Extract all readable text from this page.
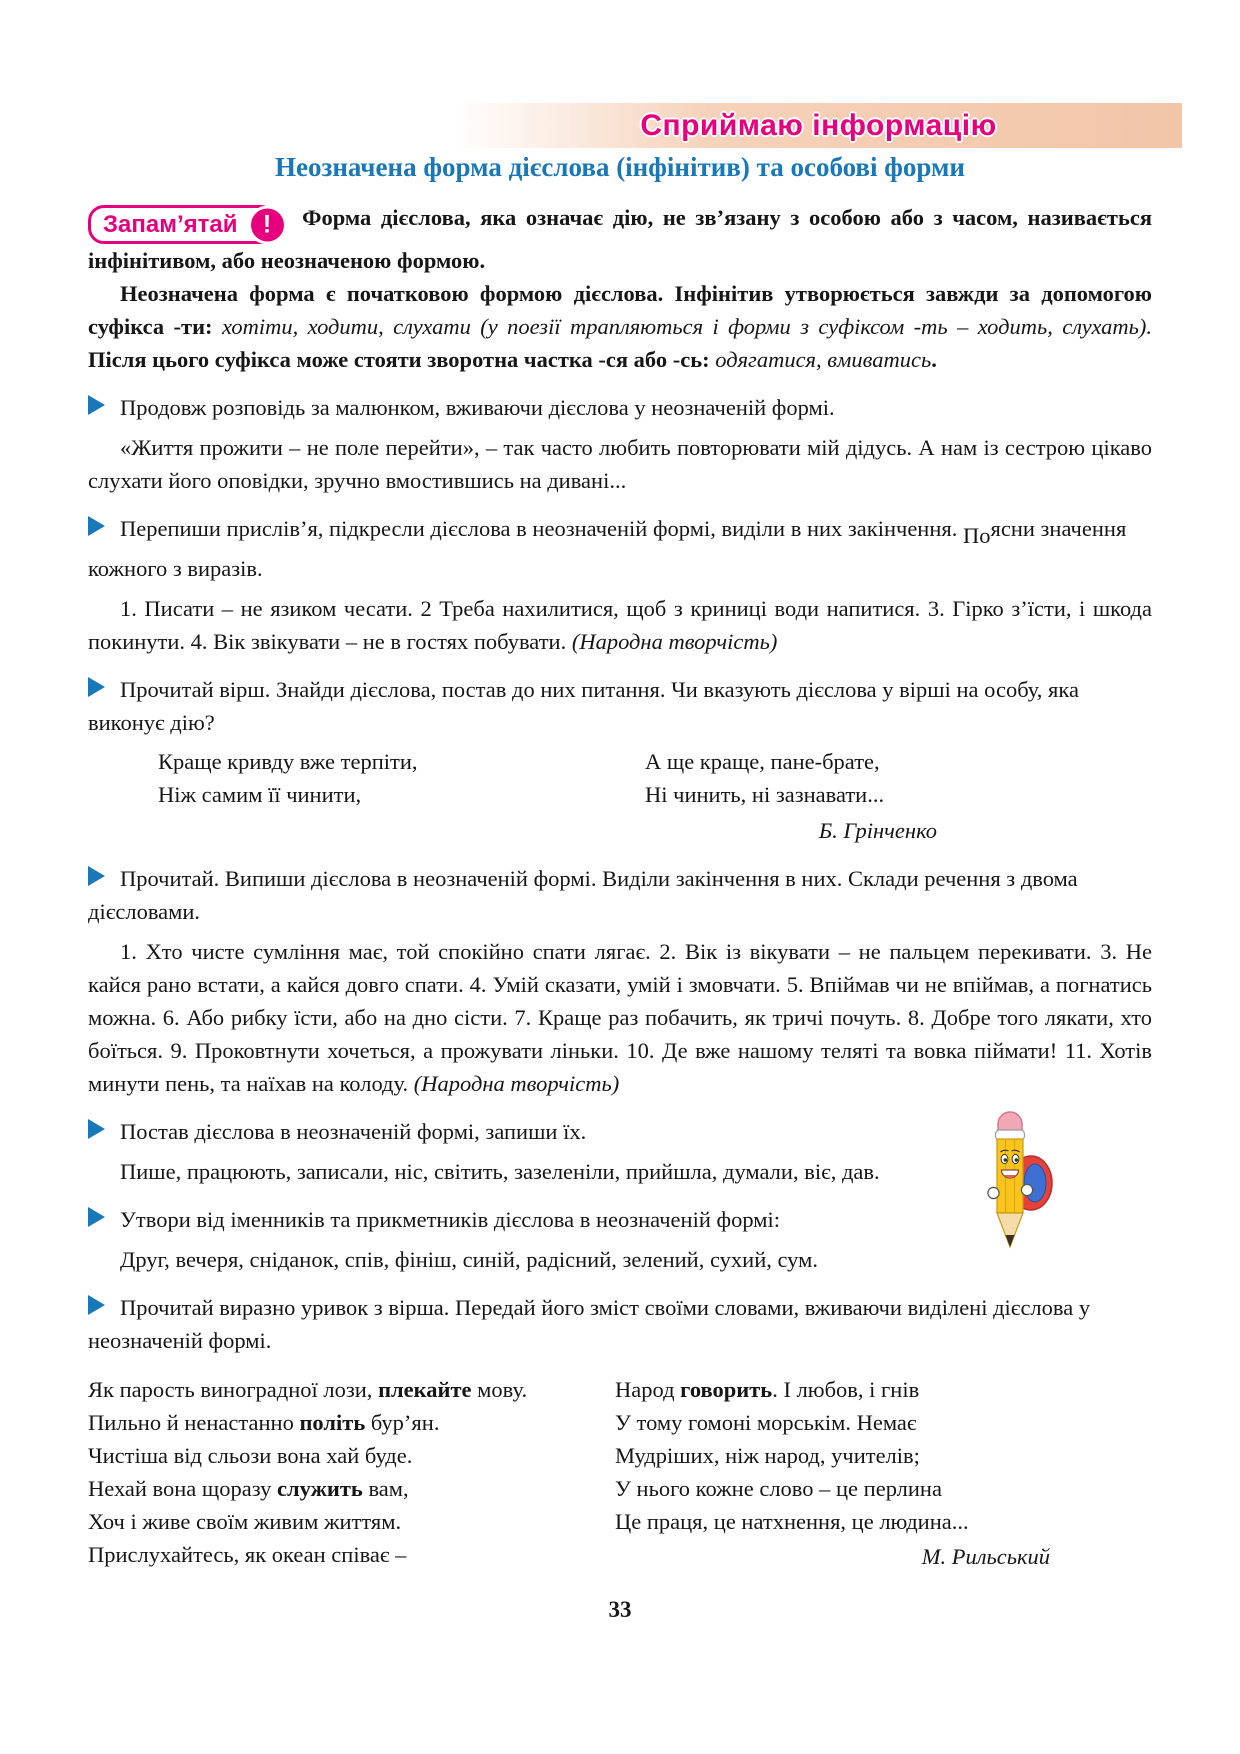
Сприймаю інформацію
Неозначена форма дієслова (інфінітив) та особові форми

Запам’ятай	!	Форма дієслова, яка означає дію, не зв’язану з особою або з часом, називається інфінітивом, або неозначеною формою.

Неозначена форма є початковою формою дієслова. Інфінітив утворюється завжди за допомогою суфікса -ти: хотіти, ходити, слухати (у поезії трапляються і форми з суфіксом -ть – ходить, слухать). Після цього суфікса може стояти зворотна частка -ся або -сь: одягатися, вмиватись.

Продовж розповідь за малюнком, вживаючи дієслова у неозначеній формі.

«Життя прожити – не поле перейти», – так часто любить повторювати мій дідусь. А нам із сестрою цікаво слухати його оповідки, зручно вмостившись на дивані...

Перепиши прислів’я, підкресли дієслова в неозначеній формі, виділи в них закінчення. Поясни значення кожного з виразів.

1. Писати – не язиком чесати. 2 Треба нахилитися, щоб з криниці води напитися. 3. Гірко з’їсти, і шкода покинути. 4. Вік звікувати – не в гостях побувати. (Народна творчість)

Прочитай вірш. Знайди дієслова, постав до них питання. Чи вказують дієслова у вірші на особу, яка виконує дію?
Краще кривду вже терпіти,
Ніж самим її чинити,
А ще краще, пане-брате,
Ні чинить, ні зазнавати...
Б. Грінченко
Прочитай. Випиши дієслова в неозначеній формі. Виділи закінчення в них. Склади речення з двома дієсловами.

1. Хто чисте сумління має, той спокійно спати лягає. 2. Вік із вікувати – не пальцем перекивати. 3. Не кайся рано встати, а кайся довго спати. 4. Умій сказати, умій і змовчати. 5. Впіймав чи не впіймав, а погнатись можна. 6. Або рибку їсти, або на дно сісти. 7. Краще раз побачить, як тричі почуть. 8. Добре того лякати, хто боїться. 9. Проковтнути хочеться, а прожувати ліньки. 10. Де вже нашому теляті та вовка піймати! 11. Хотів минути пень, та наїхав на колоду. (Народна творчість)

Постав дієслова в неозначеній формі, запиши їх.

Пише, працюють, записали, ніс, світить, зазеленіли, прийшла, думали, віє, дав.

Утвори від іменників та прикметників дієслова в неозначеній формі:

Друг, вечеря, сніданок, спів, фініш, синій, радісний, зелений, сухий, сум.

Прочитай виразно уривок з вірша. Передай його зміст своїми словами, вживаючи виділені дієслова у неозначеній формі.
Як парость виноградної лози, плекайте мову.
Пильно й ненастанно політь бур’ян.
Чистіша від сльози вона хай буде.
Нехай вона щоразу служить вам,
Хоч і живе своїм живим життям.
Прислухайтесь, як океан співає –
Народ говорить. І любов, і гнів
У тому гомоні морськім. Немає
Мудріших, ніж народ, учителів;
У нього кожне слово – це перлина
Це праця, це натхнення, це людина...
М. Рильський
33
